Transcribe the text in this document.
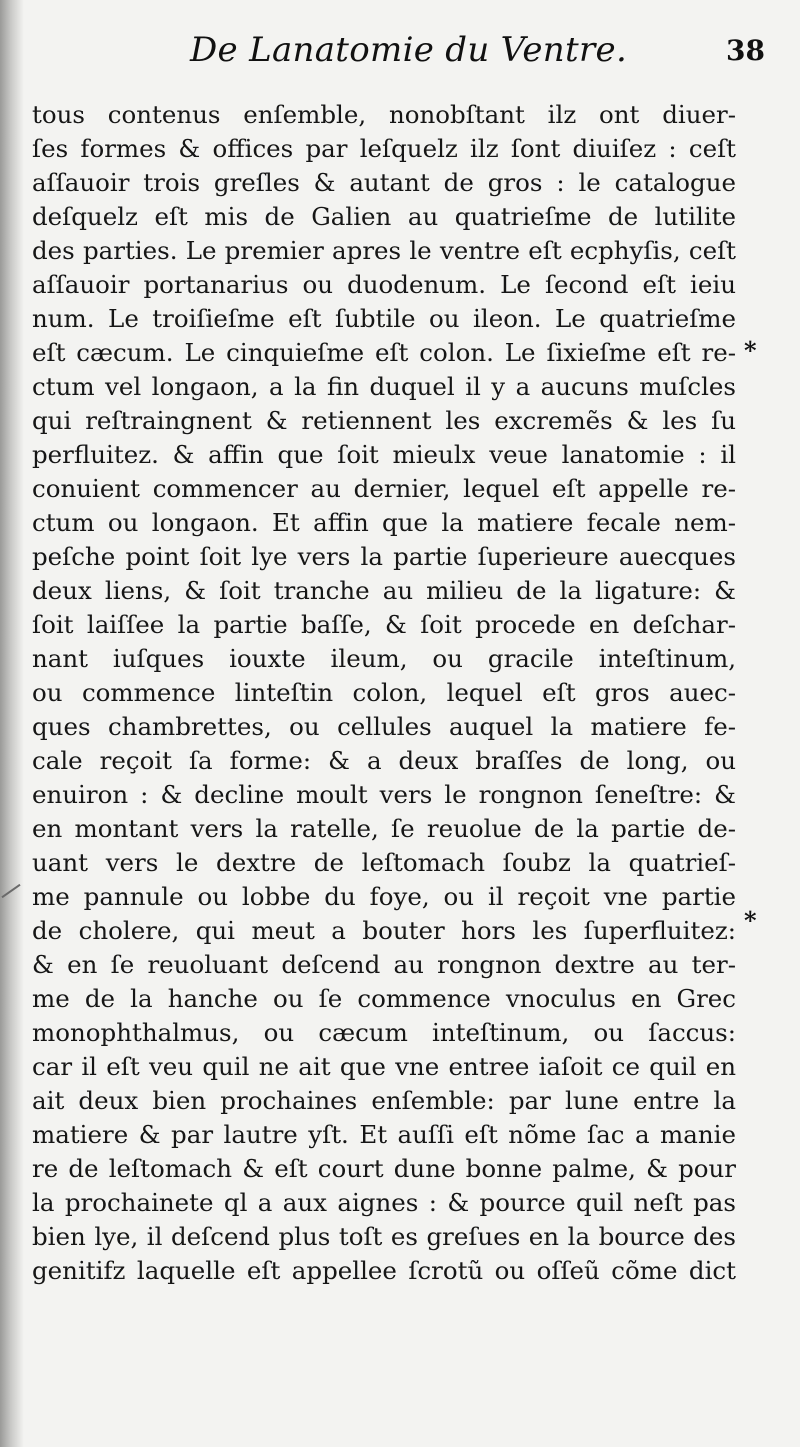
De Lanatomie du Ventre.	38

tous contenus enſemble, nonobſtant ilz ont diuer-

ſes formes & offices par leſquelz ilz ſont diuiſez : ceſt

aſſauoir trois greſles & autant de gros : le catalogue

deſquelz eſt mis de Galien au quatrieſme de lutilite

des parties. Le premier apres le ventre eſt ecphyſis, ceſt

aſſauoir portanarius ou duodenum. Le ſecond eſt ieiu

num. Le troiſieſme eſt ſubtile ou ileon. Le quatrieſme

eſt cæcum. Le cinquieſme eſt colon. Le ſixieſme eſt re-

ctum vel longaon, a la fin duquel il y a aucuns muſcles

qui reſtraingnent & retiennent les excremẽs & les ſu

perfluitez. & affin que ſoit mieulx veue lanatomie : il

conuient commencer au dernier, lequel eſt appelle re-

ctum ou longaon. Et affin que la matiere fecale nem-

peſche point ſoit lye vers la partie ſuperieure auecques

deux liens, & ſoit tranche au milieu de la ligature: &

ſoit laiſſee la partie baſſe, & ſoit procede en deſchar-

nant iuſques iouxte ileum, ou gracile inteſtinum,

ou commence linteſtin colon, lequel eſt gros auec-

ques chambrettes, ou cellules auquel la matiere fe-

cale reçoit ſa forme: & a deux braſſes de long, ou

enuiron : & decline moult vers le rongnon ſeneſtre: &

en montant vers la ratelle, ſe reuolue de la partie de-

uant vers le dextre de leſtomach ſoubz la quatrieſ-

me pannule ou lobbe du foye, ou il reçoit vne partie

de cholere, qui meut a bouter hors les ſuperfluitez:

& en ſe reuoluant deſcend au rongnon dextre au ter-

me de la hanche ou ſe commence vnoculus en Grec

monophthalmus, ou cæcum inteſtinum, ou ſaccus:

car il eſt veu quil ne ait que vne entree iaſoit ce quil en

ait deux bien prochaines enſemble: par lune entre la

matiere & par lautre yſt. Et auſſi eſt nõme ſac a manie

re de leſtomach & eſt court dune bonne palme, & pour

la prochainete ql a aux aignes : & pource quil neſt pas

bien lye, il deſcend plus toſt es greſues en la bource des

genitifz laquelle eſt appellee ſcrotũ ou oſſeũ cõme dict

*
*
